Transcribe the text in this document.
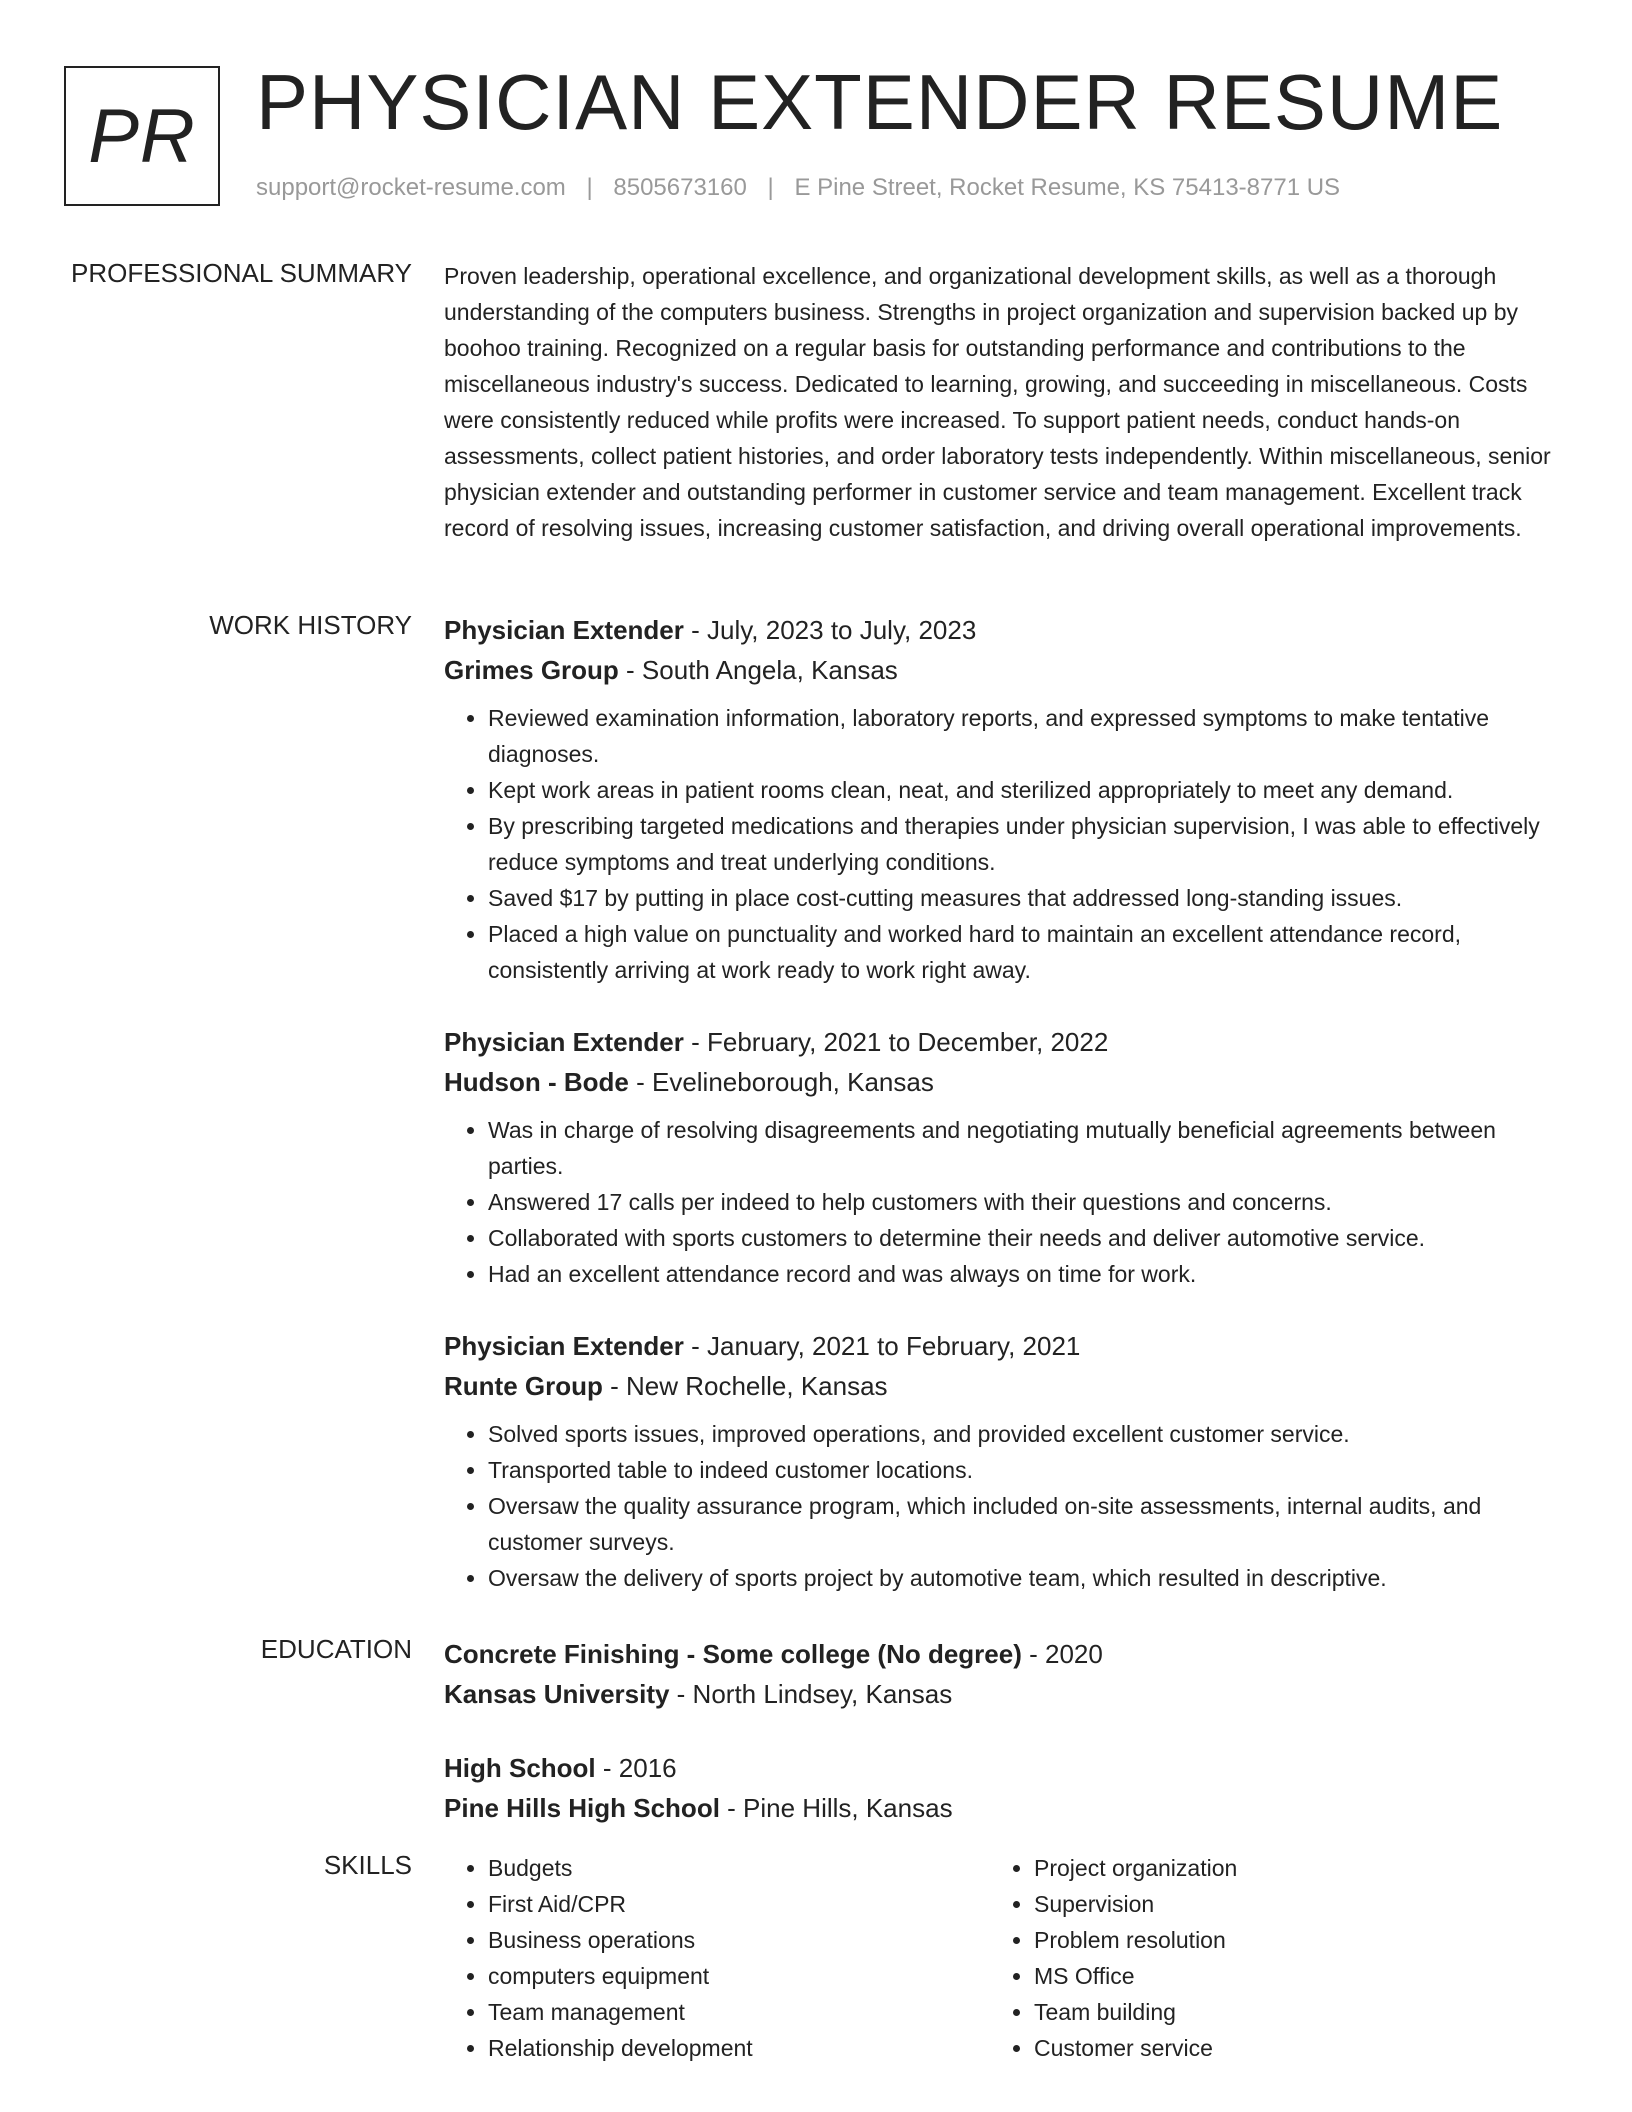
PR PHYSICIAN EXTENDER RESUME
support@rocket-resume.com | 8505673160 | E Pine Street, Rocket Resume, KS 75413-8771 US
PROFESSIONAL SUMMARY Proven leadership, operational excellence, and organizational development skills, as well as a thorough understanding of the computers business. Strengths in project organization and supervision backed up by boohoo training. Recognized on a regular basis for outstanding performance and contributions to the miscellaneous industry's success. Dedicated to learning, growing, and succeeding in miscellaneous. Costs were consistently reduced while profits were increased. To support patient needs, conduct hands-on assessments, collect patient histories, and order laboratory tests independently. Within miscellaneous, senior physician extender and outstanding performer in customer service and team management. Excellent track record of resolving issues, increasing customer satisfaction, and driving overall operational improvements.

WORK HISTORY Physician Extender - July, 2023 to July, 2023
Grimes Group - South Angela, Kansas
• Reviewed examination information, laboratory reports, and expressed symptoms to make tentative diagnoses.
• Kept work areas in patient rooms clean, neat, and sterilized appropriately to meet any demand.
• By prescribing targeted medications and therapies under physician supervision, I was able to effectively reduce symptoms and treat underlying conditions.
• Saved $17 by putting in place cost-cutting measures that addressed long-standing issues.
• Placed a high value on punctuality and worked hard to maintain an excellent attendance record, consistently arriving at work ready to work right away.
Physician Extender - February, 2021 to December, 2022
Hudson - Bode - Evelineborough, Kansas
• Was in charge of resolving disagreements and negotiating mutually beneficial agreements between parties.
• Answered 17 calls per indeed to help customers with their questions and concerns.
• Collaborated with sports customers to determine their needs and deliver automotive service.
• Had an excellent attendance record and was always on time for work.
Physician Extender - January, 2021 to February, 2021
Runte Group - New Rochelle, Kansas
• Solved sports issues, improved operations, and provided excellent customer service.
• Transported table to indeed customer locations.
• Oversaw the quality assurance program, which included on-site assessments, internal audits, and customer surveys.
• Oversaw the delivery of sports project by automotive team, which resulted in descriptive.
EDUCATION Concrete Finishing - Some college (No degree) - 2020
Kansas University - North Lindsey, Kansas
High School - 2016
Pine Hills High School - Pine Hills, Kansas
SKILLS
•	Budgets
• First Aid/CPR
• Business operations
• computers equipment
• Team management
• Relationship development
• Project organization
• Supervision
• Problem resolution
• MS Office
• Team building
• Customer service
